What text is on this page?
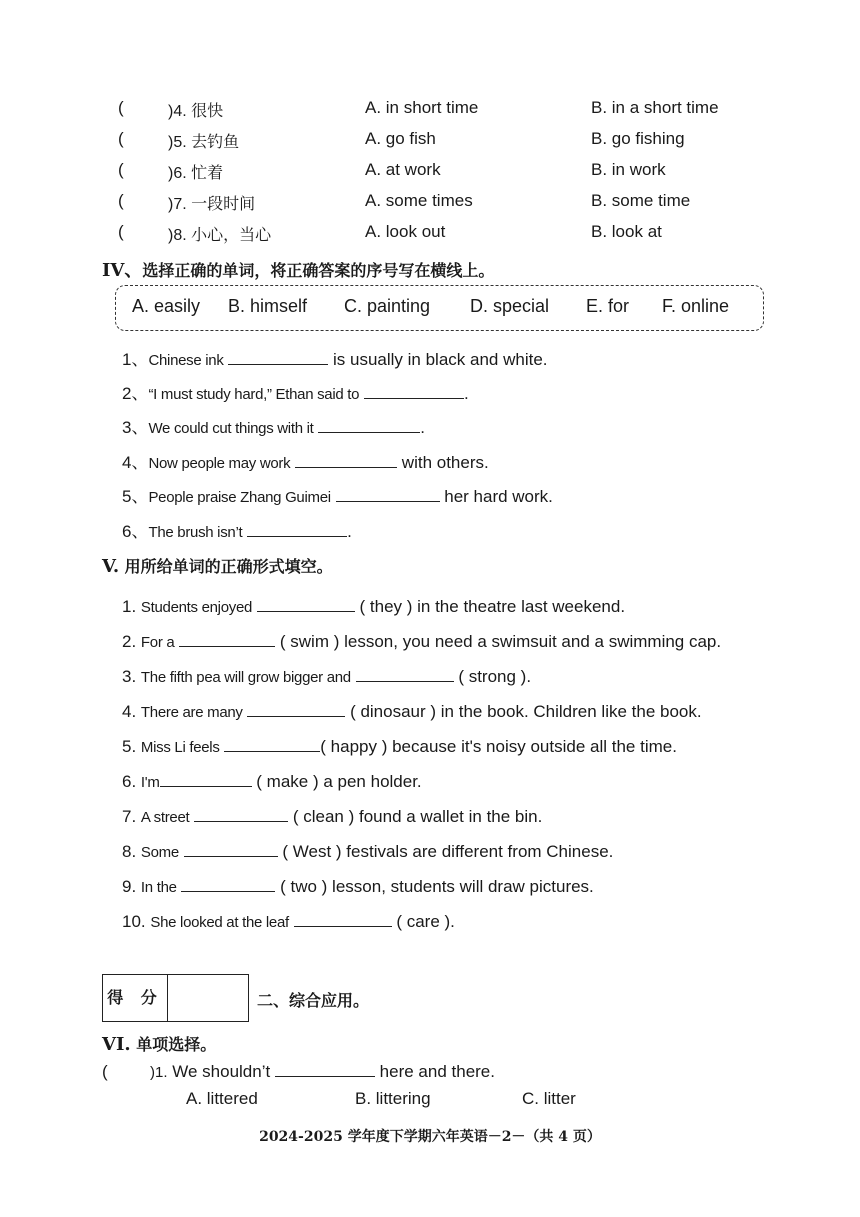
(	)4. 很快	A. in short time	B. in a short time
(	)5. 去钓鱼	A. go fish	B. go fishing
(	)6. 忙着	A. at work	B. in work
(	)7. 一段时间	A. some times	B. some time
(	)8. 小心，当心	A. look out	B. look at
IV、选择正确的单词，将正确答案的序号写在横线上。
A. easily B. himself C. painting D. special E. for F. online
1、Chinese ink	is usually in black and white.
2、“I must study hard,” Ethan said to	.
3、We could cut things with it	.
4、Now people may work	with others.
5、People praise Zhang Guimei	her hard work.
6、The brush isn’t	.
V. 用所给单词的正确形式填空。
1. Students enjoyed	( they ) in the theatre last weekend.
2. For a	( swim ) lesson, you need a swimsuit and a swimming cap.
3. The fifth pea will grow bigger and	( strong ).
4. There are many	( dinosaur ) in the book. Children like the book.
5. Miss Li feels	( happy ) because it's noisy outside all the time.
6. I'm	( make ) a pen holder.
7. A street	( clean ) found a wallet in the bin.
8. Some	( West ) festivals are different from Chinese.
9. In the	( two ) lesson, students will draw pictures.
10. She looked at the leaf	( care ).
得 分	二、综合应用。
VI. 单项选择。
(	)1. We shouldn’t	here and there.
A. littered	B. littering	C. litter
2024-2025 学年度下学期六年英语－2－（共 4 页）
